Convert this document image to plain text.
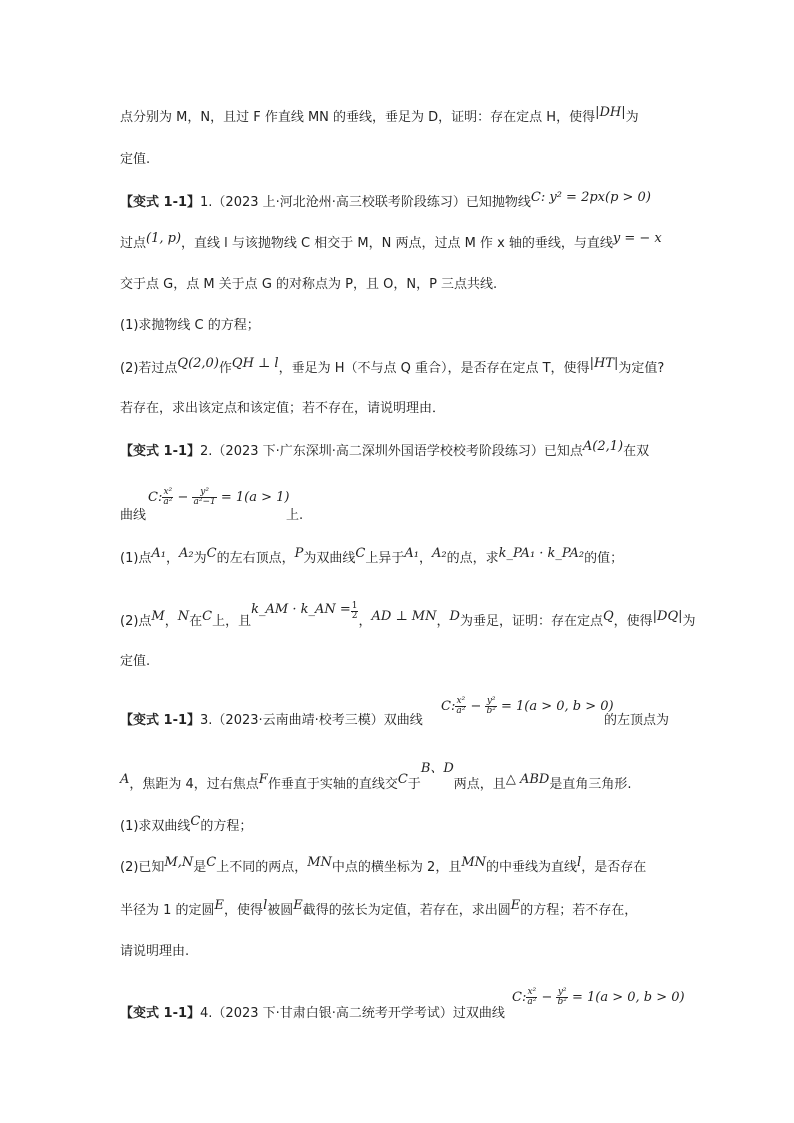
点分别为 M，N，且过 F 作直线 MN 的垂线，垂足为 D，证明：存在定点 H，使得|DH|为
定值.
【变式 1-1】1.（2023 上·河北沧州·高三校联考阶段练习）已知抛物线C: y² = 2px(p > 0)
过点(1, p)，直线 l 与该抛物线 C 相交于 M，N 两点，过点 M 作 x 轴的垂线，与直线y = − x
交于点 G，点 M 关于点 G 的对称点为 P，且 O，N，P 三点共线.
(1)求抛物线 C 的方程；
(2)若过点Q(2,0)作QH ⊥ l，垂足为 H（不与点 Q 重合），是否存在定点 T，使得|HT|为定值?
若存在，求出该定点和该定值；若不存在，请说明理由．
【变式 1-1】2.（2023 下·广东深圳·高二深圳外国语学校校考阶段练习）已知点A(2,1)在双
曲线
C: $\frac{\text{x²}}{\text{a²}} - \frac{\text{y²}}{\text{a²−1}} = 1(a > 1)$
上.
(1)点A₁，A₂为C的左右顶点，P为双曲线C上异于A₁，A₂的点，求k_PA₁ · k_PA₂的值；
(2)点M，N在C上，且k_AM · k_AN = $\frac{1}{2}$
，AD ⊥ MN，D为垂足，证明：存在定点Q，使得|DQ|为
定值.
【变式 1-1】3.（2023·云南曲靖·校考三模）双曲线
C: $\frac{\text{x²}}{\text{a²}} - \frac{\text{y²}}{\text{b²}} = 1(a > 0$, b > 0)
的左顶点为
A，焦距为 4，过右焦点F作垂直于实轴的直线交C于B、D两点，且△ ABD是直角三角形.
(1)求双曲线C的方程；
(2)已知M,N是C上不同的两点，MN中点的横坐标为 2，且MN的中垂线为直线l，是否存在
半径为 1 的定圆E，使得l被圆E截得的弦长为定值，若存在，求出圆E的方程；若不存在，
请说明理由.
C: $\frac{\text{x²}}{\text{a²}} - \frac{\text{y²}}{\text{b²}} = 1(a > 0$, b > 0)
【变式 1-1】4.（2023 下·甘肃白银·高二统考开学考试）过双曲线
